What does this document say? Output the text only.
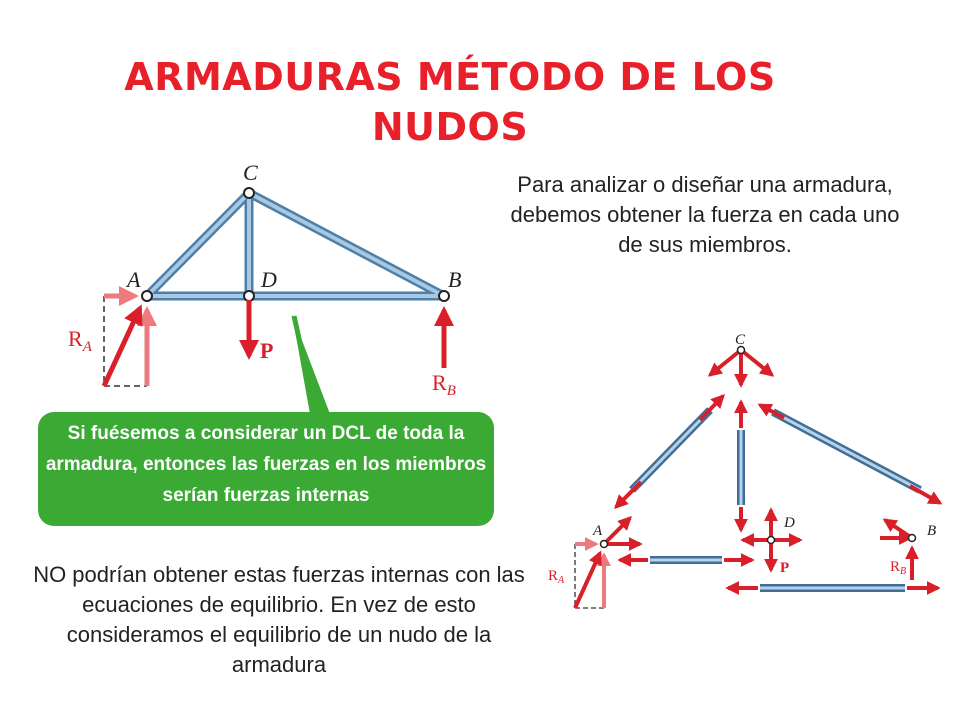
ARMADURAS MÉTODO DE LOS NUDOS
Para analizar o diseñar una armadura, debemos obtener la fuerza en cada uno de sus miembros.
C
A	D	B
$R_A$	P
$R_B$
Si fuésemos a considerar un DCL de toda la armadura, entonces las fuerzas en los miembros serían fuerzas internas
C
A	D	B
$R_A$
P	$R_B$
NO podrían obtener estas fuerzas internas con las ecuaciones de equilibrio. En vez de esto consideramos el equilibrio de un nudo de la armadura
